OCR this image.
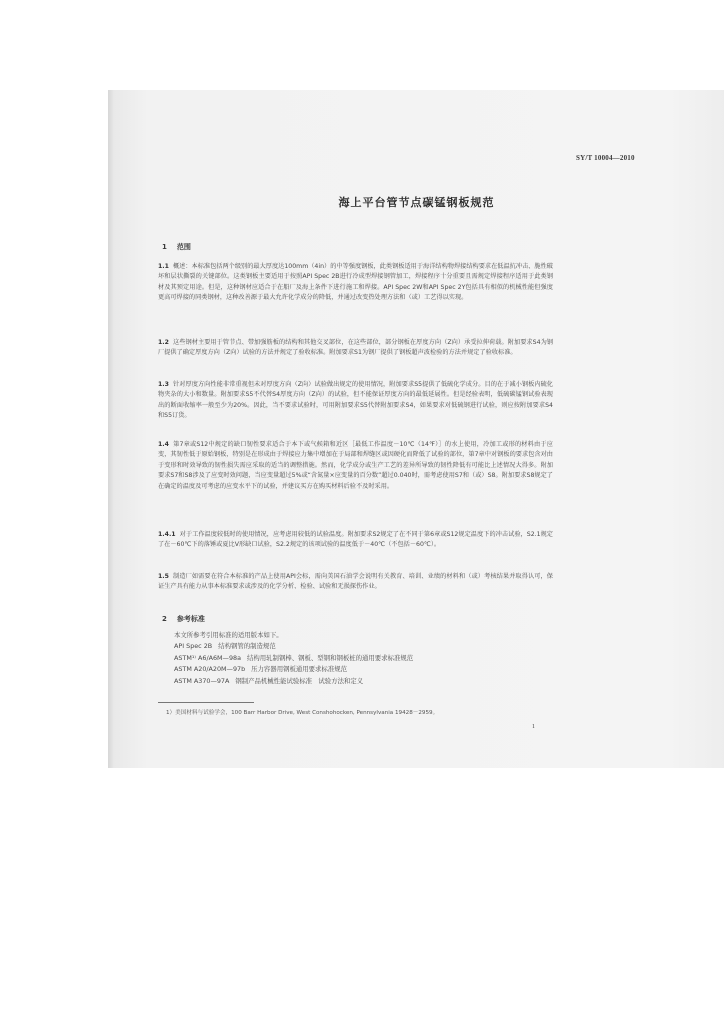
SY/T 10004—2010
海上平台管节点碳锰钢板规范
1 范围

1.1 概述：本标准包括两个级别的最大厚度达100mm（4in）的中等强度钢板，此类钢板适用于海洋结构物焊接结构要求在低温抗冲击、脆性破坏和层状撕裂的关键部位。这类钢板主要适用于按照API Spec 2B进行冷成型焊接钢管加工，焊接程序十分重要且需规定焊接程序适用于此类钢材及其预定用途。但是，这种钢材应适合于在船厂及海上条件下进行施工和焊接。API Spec 2W和API Spec 2Y包括具有相似的机械性能但强度更高可焊接的同类钢材，这种改善源于最大允许化学成分的降低，并通过改变热处理方法和（或）工艺得以实现。

1.2 这些钢材主要用于管节点、带加强筋板的结构和其他交叉部位，在这些部位，部分钢板在厚度方向（Z向）承受拉伸荷载。附加要求S4为钢厂提供了确定厚度方向（Z向）试验的方法并规定了验收标准。附加要求S1为钢厂提供了钢板超声波检验的方法并规定了验收标准。

1.3 针对厚度方向性能非常重视但未对厚度方向（Z向）试验做出规定的使用情况，附加要求S5提供了低硫化学成分。目的在于减小钢板内硫化物夹杂的大小和数量。附加要求S5不代替S4厚度方向（Z向）的试验，但不能保证厚度方向的最低延展性。但是经验表明，低硫碳锰钢试验表现出的断面收缩率一般至少为20%。因此，当不要求试验时，可用附加要求S5代替附加要求S4，如果要求对低硫钢进行试验，则应按附加要求S4和S5订货。

1.4 第7章或S12中规定的缺口韧性要求适合于本下或气候箱和近区［最低工作温度－10℃（14℉）］的水上使用，冷加工或形的材料由于应变，其韧性低于原始钢板，特别是在形成由于焊接应力集中增加在于局部和焊缝区或因硬化而降低了试验的部位，第7章中对钢板的要求包含对由于变形和时效导致的韧性损失需应采取的适当的调整措施。然而，化学成分或生产工艺的差异所导致的韧性降低有可能比上述情况大得多。附加要求S7和S8涉及了应变时效问题，当应变量超过5%或“含氮量×应变量的百分数”超过0.040时，需考虑使用S7和（或）S8。附加要求S8规定了在确定的温度及可考虑的应变水平下的试验，并建议买方在购买材料后验不及时采用。

1.4.1 对于工作温度较低时的使用情况，应考虑用较低的试验温度。附加要求S2规定了在不同于第6章或S12规定温度下的冲击试验，S2.1规定了在－60℃下的落锤或夏比V形缺口试验，S2.2规定的该项试验的温度低于－40℃（不包括－60℃）。

1.5 制造厂如需要在符合本标准的产品上使用API会标，需向美国石油学会说明有关教育、培训、业绩的材料和（或）考核结果并取得认可，保证生产具有能力从事本标准要求或涉及的化学分析、检验、试验和无损探伤作业。

2 参考标准
本文所参考引用标准的适用版本如下。
API Spec 2B 结构钢管的制造规范
ASTM¹⁾ A6/A6M—98a 结构用轧制钢棒、钢板、型钢和钢板桩的通用要求标准规范
ASTM A20/A20M—97b 压力容器用钢板通用要求标准规范
ASTM A370—97A 钢制产品机械性能试验标准　试验方法和定义
1）美国材料与试验学会，100 Barr Harbor Drive, West Conshohocken, Pennsylvania 19428－2959。
1
